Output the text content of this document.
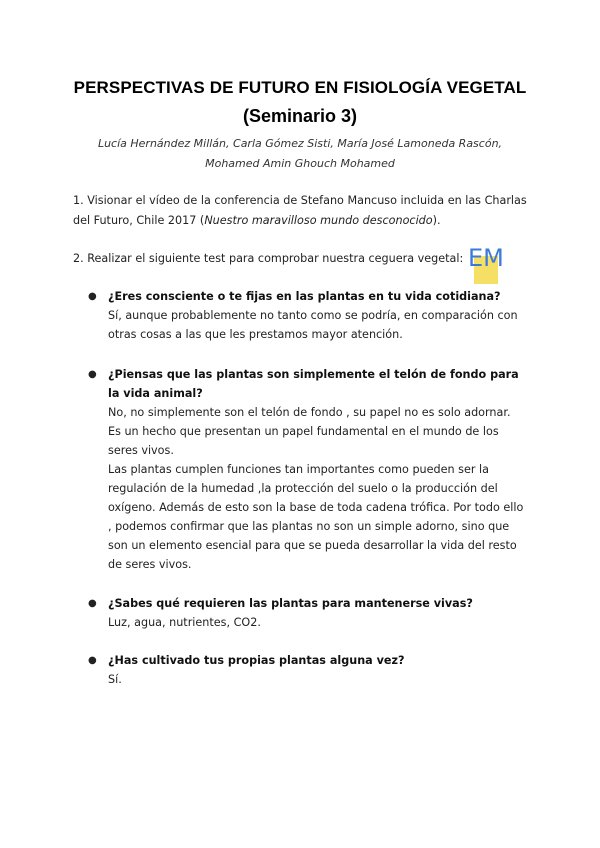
PERSPECTIVAS DE FUTURO EN FISIOLOGÍA VEGETAL
(Seminario 3)
Lucía Hernández Millán, Carla Gómez Sisti, María José Lamoneda Rascón,
Mohamed Amin Ghouch Mohamed
1. Visionar el vídeo de la conferencia de Stefano Mancuso incluida en las Charlas del Futuro, Chile 2017 (Nuestro maravilloso mundo desconocido).
2. Realizar el siguiente test para comprobar nuestra ceguera vegetal: EM
● ¿Eres consciente o te fijas en las plantas en tu vida cotidiana?
Sí, aunque probablemente no tanto como se podría, en comparación con otras cosas a las que les prestamos mayor atención.
● ¿Piensas que las plantas son simplemente el telón de fondo para la vida animal?
No, no simplemente son el telón de fondo , su papel no es solo adornar.
Es un hecho que presentan un papel fundamental en el mundo de los seres vivos.
Las plantas cumplen funciones tan importantes como pueden ser la regulación de la humedad ,la protección del suelo o la producción del oxígeno. Además de esto son la base de toda cadena trófica. Por todo ello , podemos confirmar que las plantas no son un simple adorno, sino que son un elemento esencial para que se pueda desarrollar la vida del resto de seres vivos.
● ¿Sabes qué requieren las plantas para mantenerse vivas?
Luz, agua, nutrientes, CO2.
● ¿Has cultivado tus propias plantas alguna vez?
Sí.
